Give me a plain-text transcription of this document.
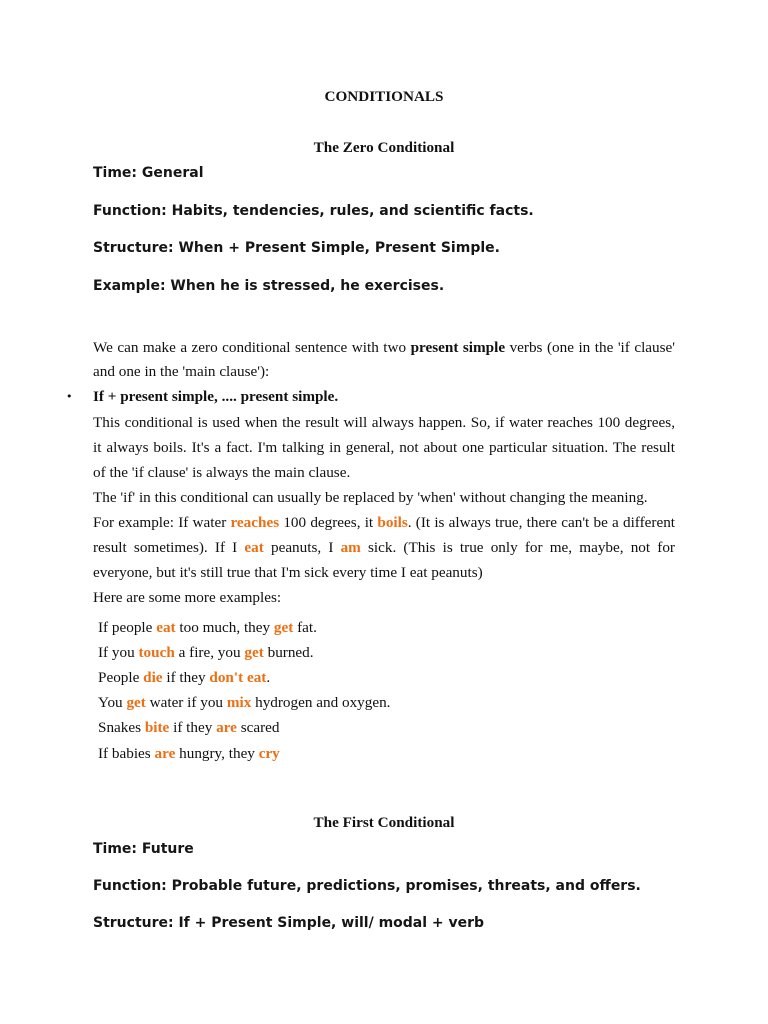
CONDITIONALS
The Zero Conditional
Time: General
Function: Habits, tendencies, rules, and scientific facts.
Structure: When + Present Simple, Present Simple.
Example: When he is stressed, he exercises.
We can make a zero conditional sentence with two present simple verbs (one in the 'if clause'
and one in the 'main clause'):
• If + present simple, .... present simple.
This conditional is used when the result will always happen. So, if water reaches 100 degrees,
it always boils. It's a fact. I'm talking in general, not about one particular situation. The result
of the 'if clause' is always the main clause.
The 'if' in this conditional can usually be replaced by 'when' without changing the meaning.
For example: If water reaches 100 degrees, it boils. (It is always true, there can't be a different
result sometimes). If I eat peanuts, I am sick. (This is true only for me, maybe, not for
everyone, but it's still true that I'm sick every time I eat peanuts)
Here are some more examples:
If people eat too much, they get fat.
If you touch a fire, you get burned.
People die if they don't eat.
You get water if you mix hydrogen and oxygen.
Snakes bite if they are scared
If babies are hungry, they cry
The First Conditional
Time: Future
Function: Probable future, predictions, promises, threats, and offers.
Structure: If + Present Simple, will/ modal + verb
